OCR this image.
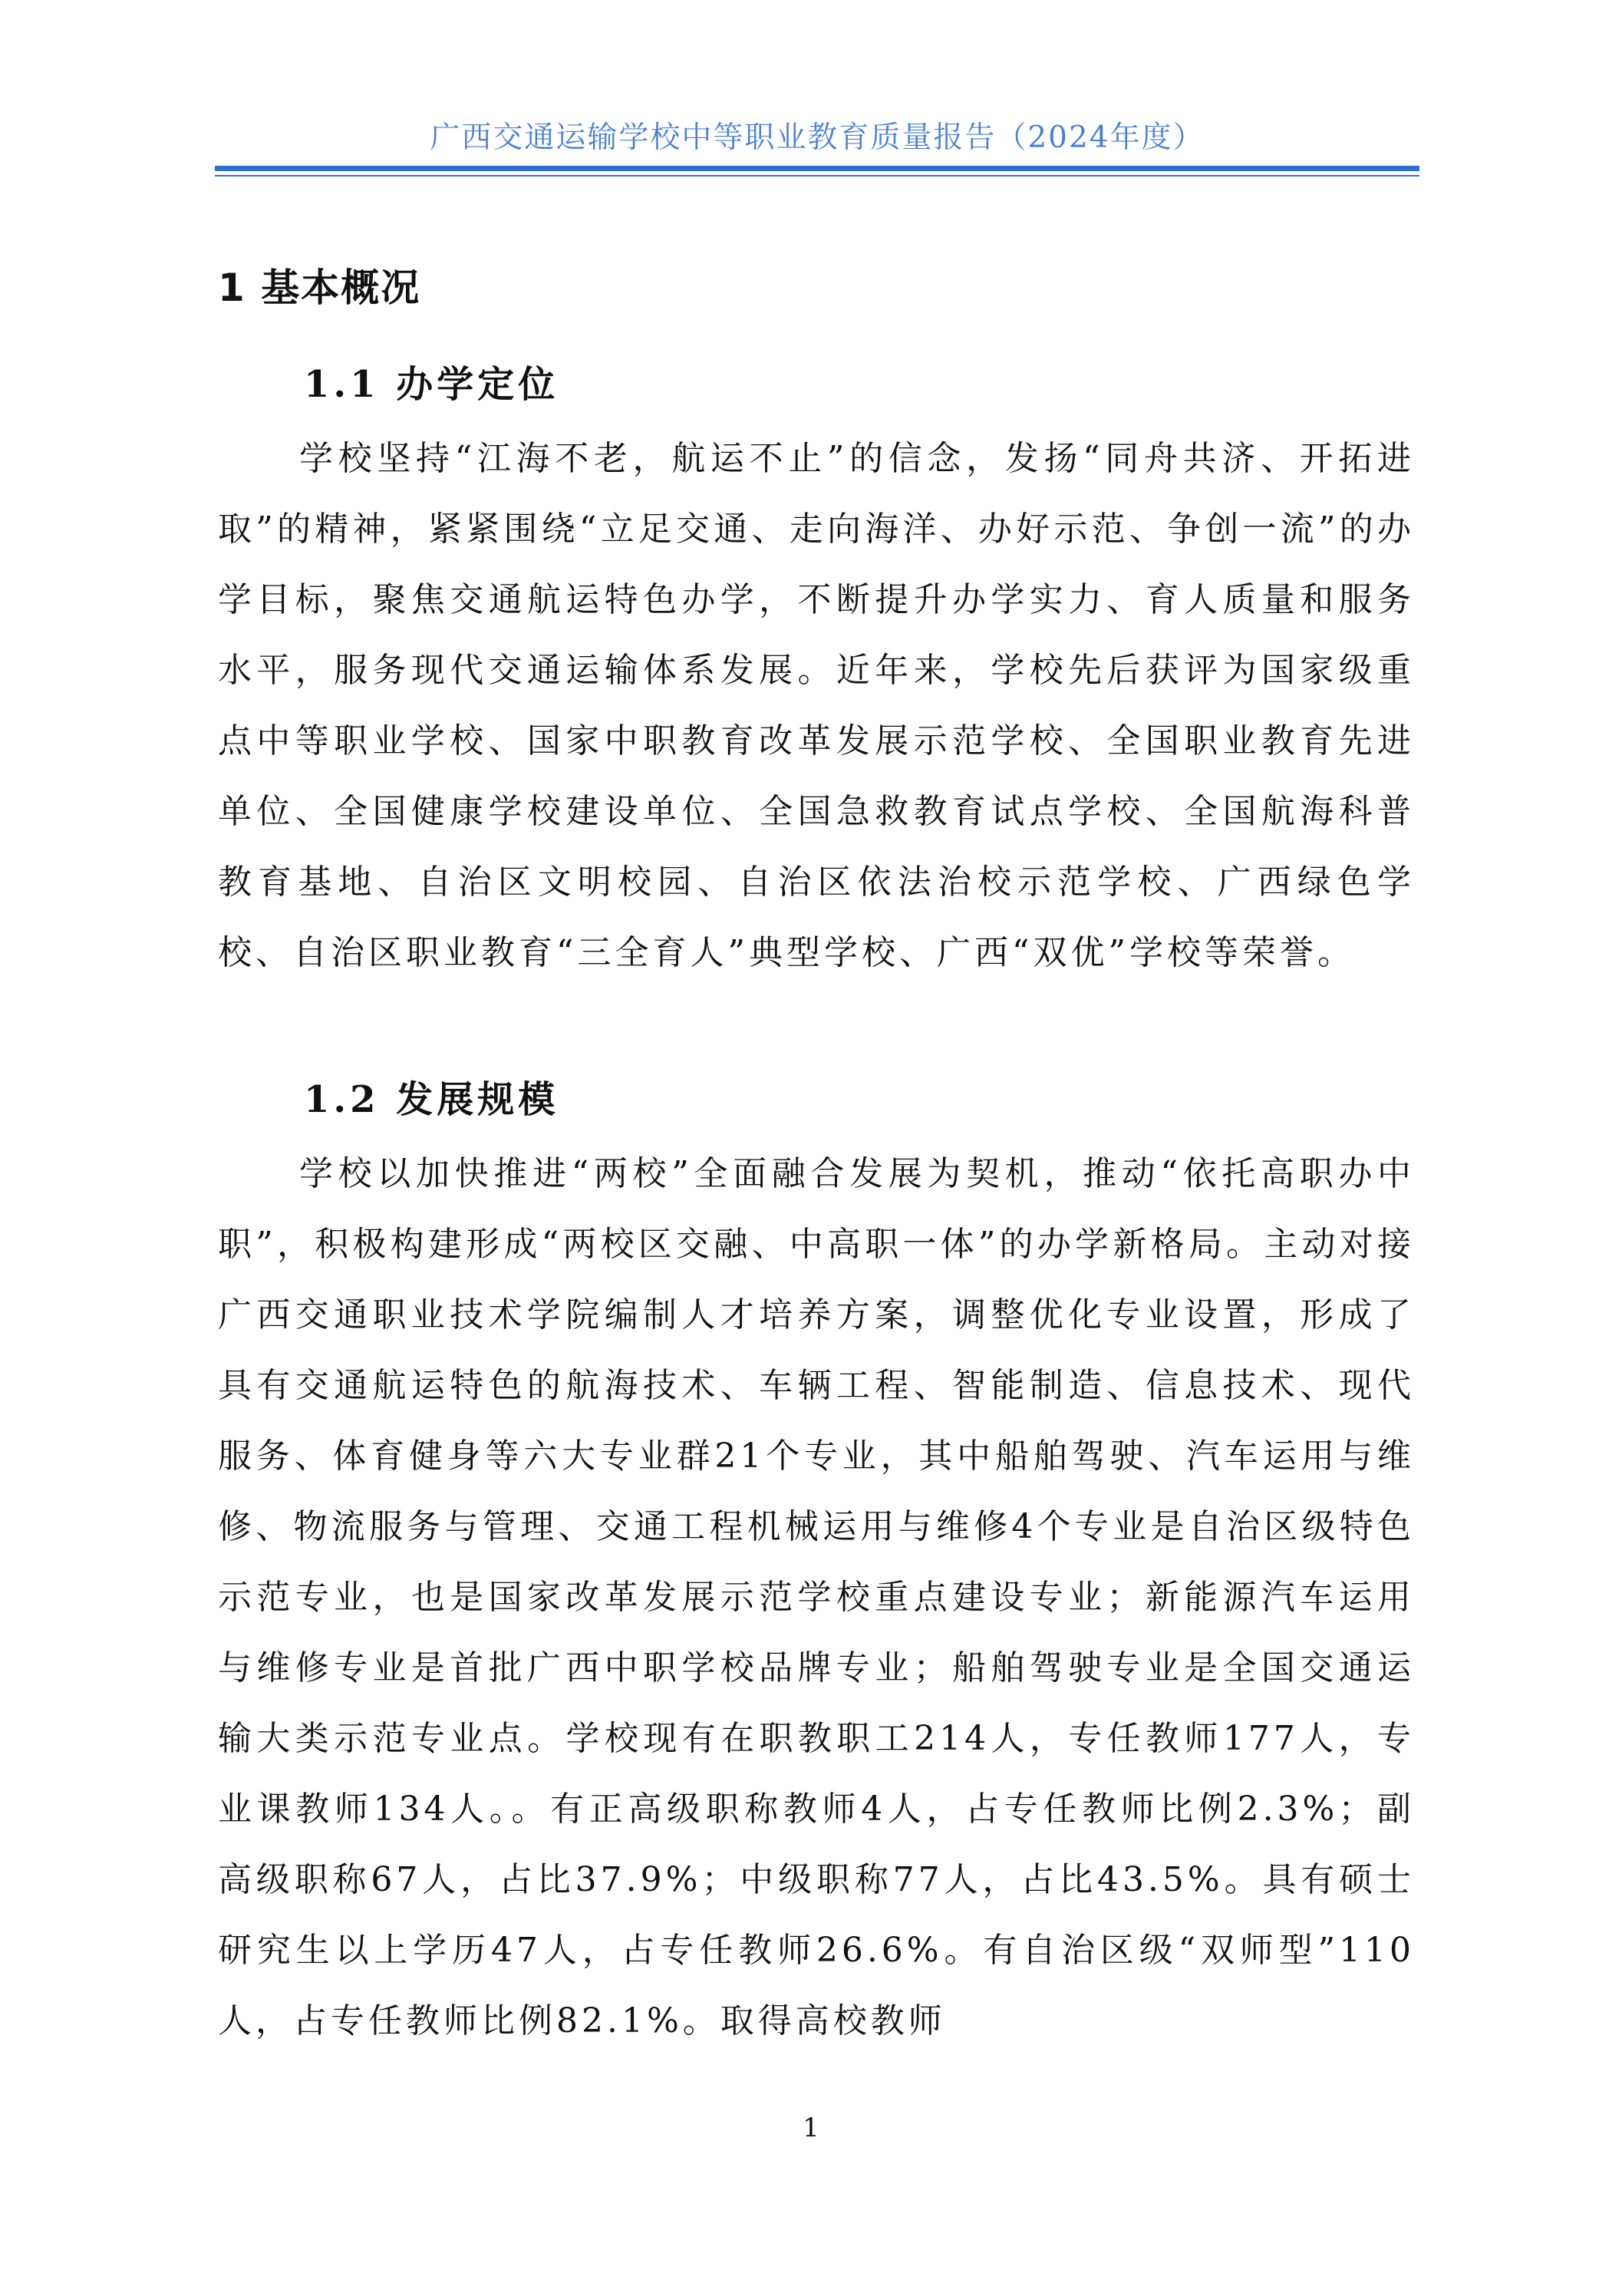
广西交通运输学校中等职业教育质量报告（2024年度）
1 基本概况
1.1 办学定位

学校坚持“江海不老，航运不止”的信念，发扬“同舟共济、开拓进取”的精神，紧紧围绕“立足交通、走向海洋、办好示范、争创一流”的办学目标，聚焦交通航运特色办学，不断提升办学实力、育人质量和服务水平，服务现代交通运输体系发展。近年来，学校先后获评为国家级重点中等职业学校、国家中职教育改革发展示范学校、全国职业教育先进单位、全国健康学校建设单位、全国急救教育试点学校、全国航海科普教育基地、自治区文明校园、自治区依法治校示范学校、广西绿色学校、自治区职业教育“三全育人”典型学校、广西“双优”学校等荣誉。

1.2 发展规模

学校以加快推进“两校”全面融合发展为契机，推动“依托高职办中职”，积极构建形成“两校区交融、中高职一体”的办学新格局。主动对接广西交通职业技术学院编制人才培养方案，调整优化专业设置，形成了具有交通航运特色的航海技术、车辆工程、智能制造、信息技术、现代服务、体育健身等六大专业群21个专业，其中船舶驾驶、汽车运用与维修、物流服务与管理、交通工程机械运用与维修4个专业是自治区级特色示范专业，也是国家改革发展示范学校重点建设专业；新能源汽车运用与维修专业是首批广西中职学校品牌专业；船舶驾驶专业是全国交通运输大类示范专业点。学校现有在职教职工214人，专任教师177人，专业课教师134人。。有正高级职称教师4人，占专任教师比例2.3%；副高级职称67人，占比37.9%；中级职称77人，占比43.5%。具有硕士研究生以上学历47人，占专任教师26.6%。有自治区级“双师型”110人，占专任教师比例82.1%。取得高校教师

1
